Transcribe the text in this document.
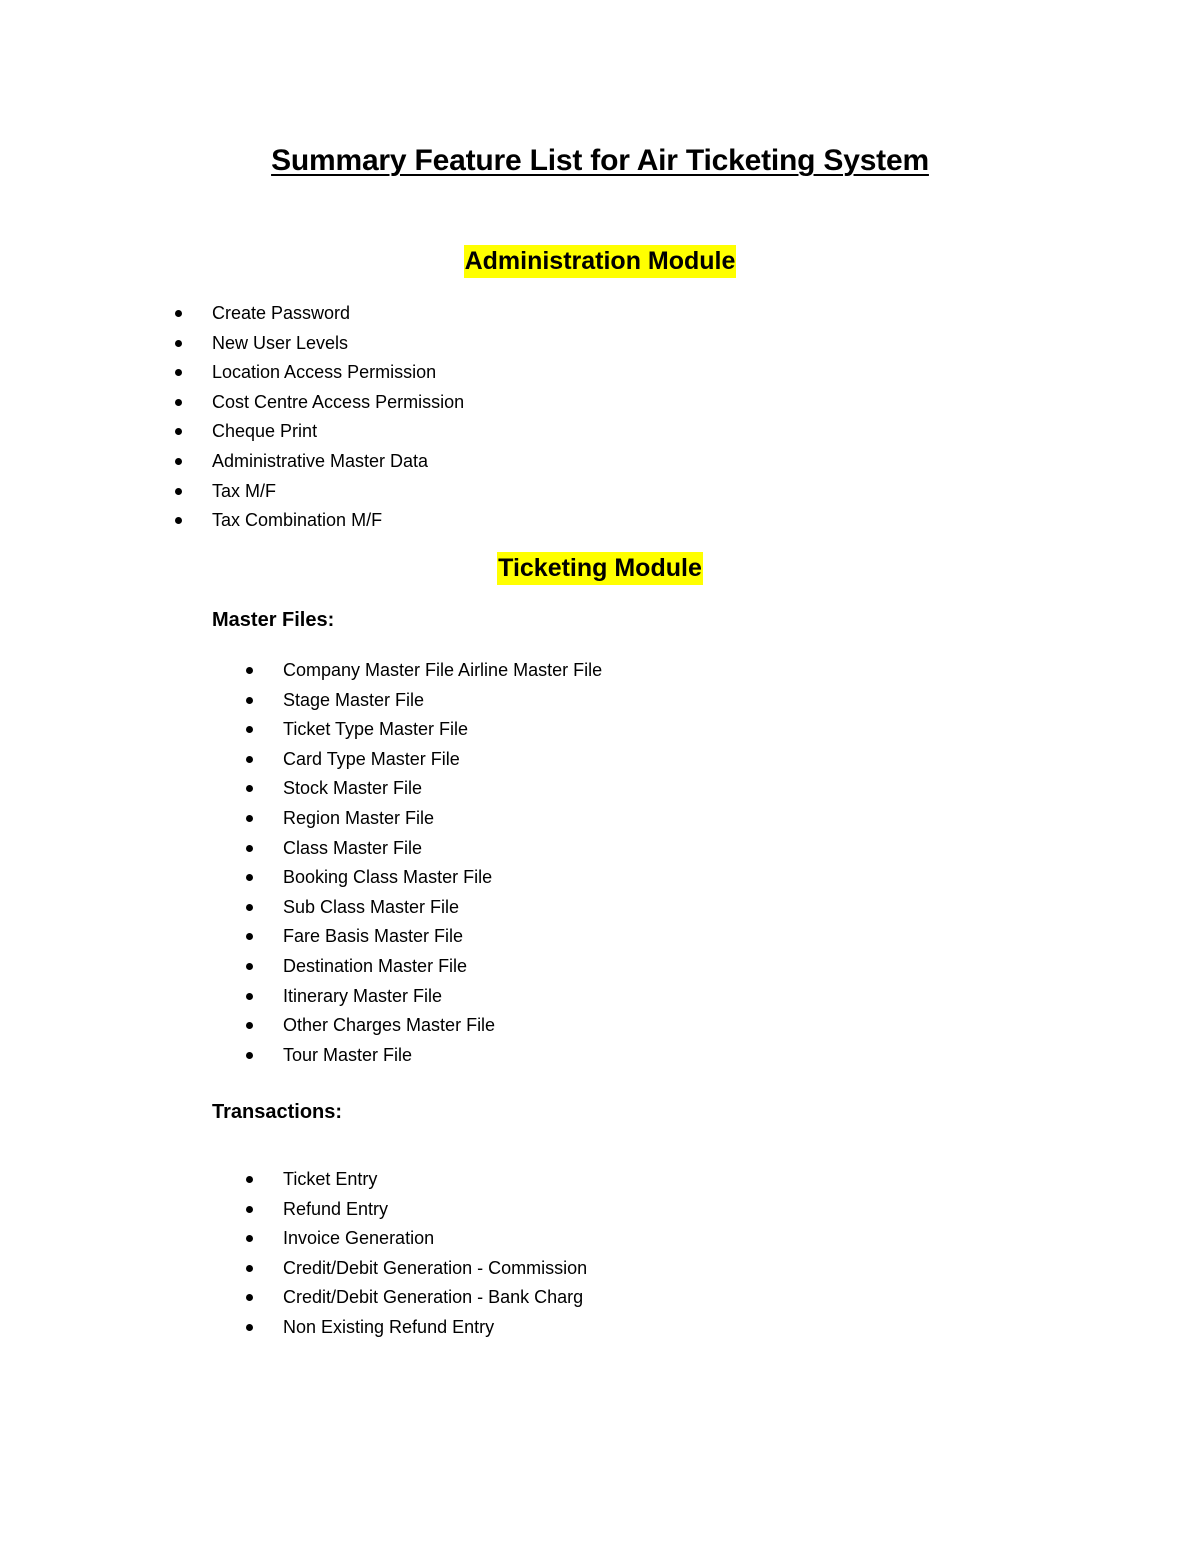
Summary Feature List for Air Ticketing System
Administration Module
Create Password
New User Levels
Location Access Permission
Cost Centre Access Permission
Cheque Print
Administrative Master Data
Tax M/F
Tax Combination M/F
Ticketing Module
Master Files:
Company Master File Airline Master File
Stage Master File
Ticket Type Master File
Card Type Master File
Stock Master File
Region Master File
Class Master File
Booking Class Master File
Sub Class Master File
Fare Basis Master File
Destination Master File
Itinerary Master File
Other Charges Master File
Tour Master File
Transactions:
Ticket Entry
Refund Entry
Invoice Generation
Credit/Debit Generation - Commission
Credit/Debit Generation - Bank Charg
Non Existing Refund Entry
